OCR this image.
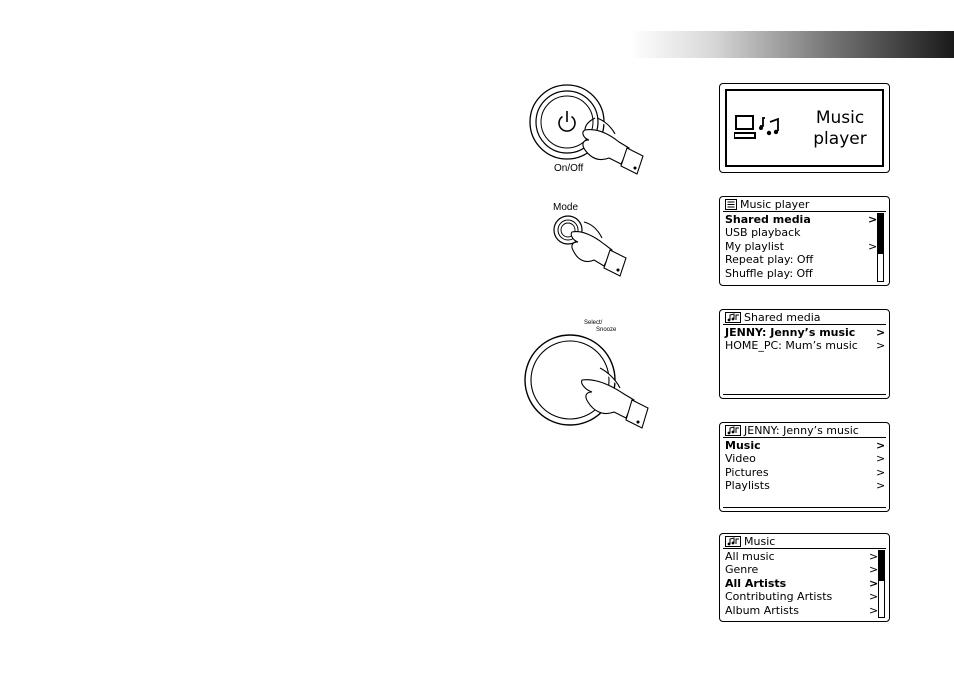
On/Off
Mode
Select/
Snooze
Music
player
Music player
Shared media	>
USB playback
My playlist	>
Repeat play: Off
Shuffle play: Off
Shared media
JENNY: Jenny’s music >
HOME_PC: Mum’s music >
JENNY: Jenny’s music
Music	>
Video	>
Pictures	>
Playlists	>
Music
All music	>
Genre	>
All Artists	>
Contributing Artists	>
Album Artists	>
